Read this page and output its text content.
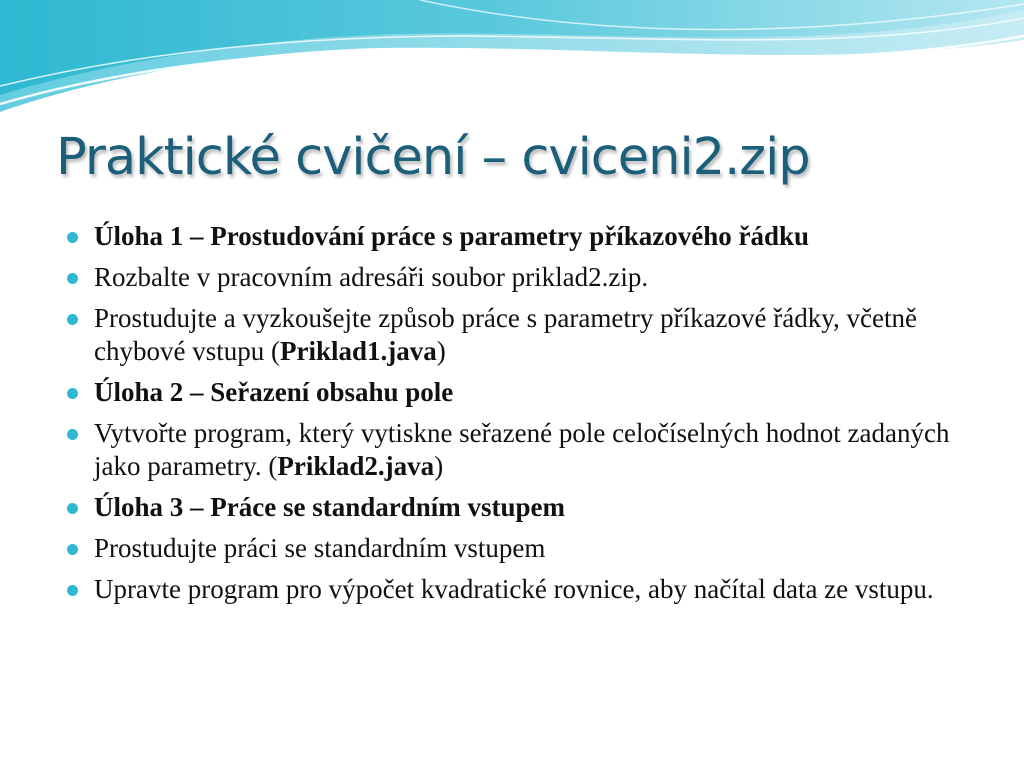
Praktické cvičení – cviceni2.zip
Úloha 1 – Prostudování práce s parametry příkazového řádku
Rozbalte v pracovním adresáři soubor priklad2.zip.
Prostudujte a vyzkoušejte způsob práce s parametry příkazové řádky, včetně chybové vstupu (Priklad1.java)
Úloha 2 – Seřazení obsahu pole
Vytvořte program, který vytiskne seřazené pole celočíselných hodnot zadaných jako parametry. (Priklad2.java)
Úloha 3 – Práce se standardním vstupem
Prostudujte práci se standardním vstupem
Upravte program pro výpočet kvadratické rovnice, aby načítal data ze vstupu.
